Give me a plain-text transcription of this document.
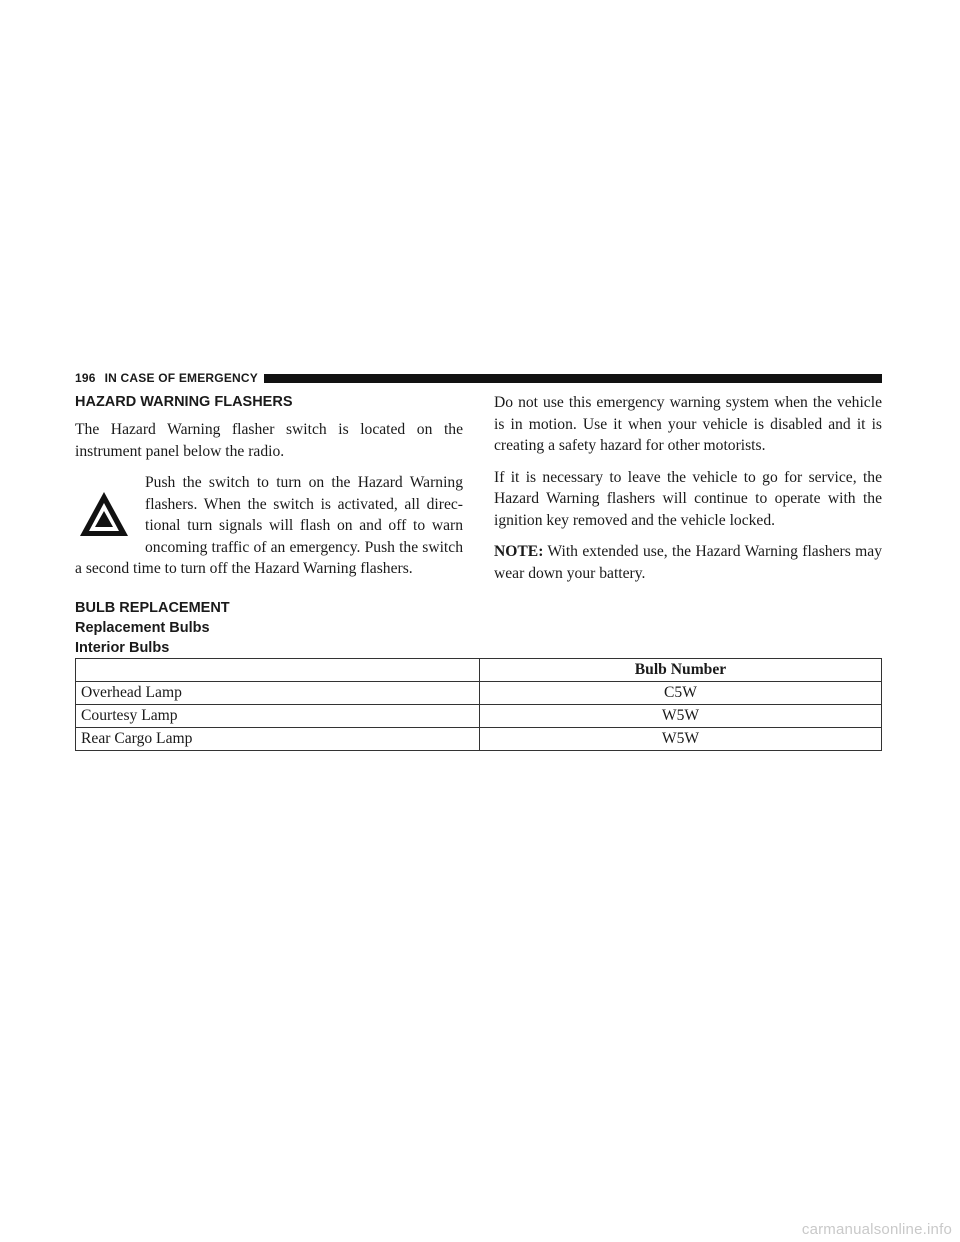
196 IN CASE OF EMERGENCY
HAZARD WARNING FLASHERS

The Hazard Warning flasher switch is located on the instrument panel below the radio.

Push the switch to turn on the Hazard Warning flashers. When the switch is activated, all direc-tional turn signals will flash on and off to warn oncoming traffic of an emergency. Push the switch a second time to turn off the Hazard Warning flashers.

Do not use this emergency warning system when the vehicle is in motion. Use it when your vehicle is disabled and it is creating a safety hazard for other motorists.

If it is necessary to leave the vehicle to go for service, the Hazard Warning flashers will continue to operate with the ignition key removed and the vehicle locked.

NOTE: With extended use, the Hazard Warning flashers may wear down your battery.

BULB REPLACEMENT
Replacement Bulbs
Interior Bulbs
	Bulb Number
Overhead Lamp	C5W
Courtesy Lamp	W5W
Rear Cargo Lamp	W5W
carmanualsonline.info
